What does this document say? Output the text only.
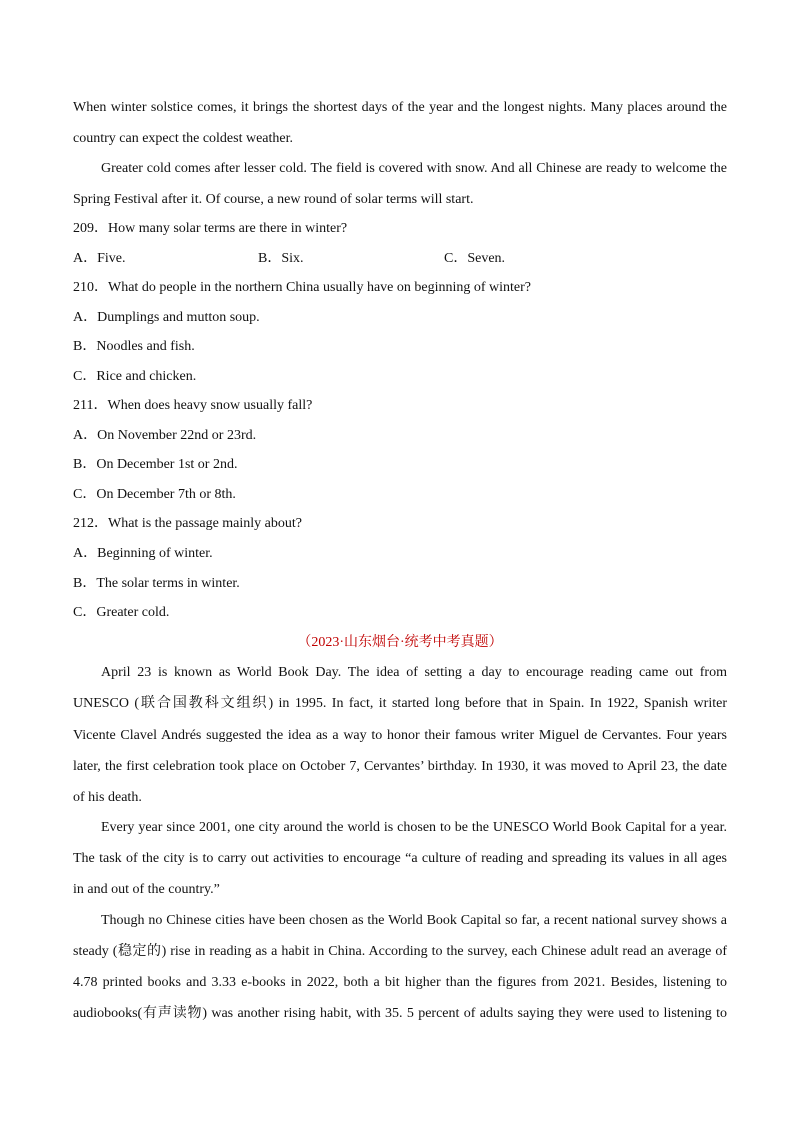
When winter solstice comes, it brings the shortest days of the year and the longest nights. Many places around the
country can expect the coldest weather.
Greater cold comes after lesser cold. The field is covered with snow. And all Chinese are ready to welcome the
Spring Festival after it. Of course, a new round of solar terms will start.
209．How many solar terms are there in winter?
A．Five.	B．Six.	C．Seven.
210．What do people in the northern China usually have on beginning of winter?
A．Dumplings and mutton soup.
B．Noodles and fish.
C．Rice and chicken.
211．When does heavy snow usually fall?
A．On November 22nd or 23rd.
B．On December 1st or 2nd.
C．On December 7th or 8th.
212．What is the passage mainly about?
A．Beginning of winter.
B．The solar terms in winter.
C．Greater cold.
（2023·山东烟台·统考中考真题）
April 23 is known as World Book Day. The idea of setting a day to encourage reading came out from
UNESCO (联合国教科文组织) in 1995. In fact, it started long before that in Spain. In 1922, Spanish writer
Vicente Clavel Andrés suggested the idea as a way to honor their famous writer Miguel de Cervantes. Four years
later, the first celebration took place on October 7, Cervantes’ birthday. In 1930, it was moved to April 23, the date
of his death.
Every year since 2001, one city around the world is chosen to be the UNESCO World Book Capital for a year.
The task of the city is to carry out activities to encourage “a culture of reading and spreading its values in all ages
in and out of the country.”
Though no Chinese cities have been chosen as the World Book Capital so far, a recent national survey shows a
steady (稳定的) rise in reading as a habit in China. According to the survey, each Chinese adult read an average of
4.78 printed books and 3.33 e-books in 2022, both a bit higher than the figures from 2021. Besides, listening to
audiobooks(有声读物) was another rising habit, with 35. 5 percent of adults saying they were used to listening to
